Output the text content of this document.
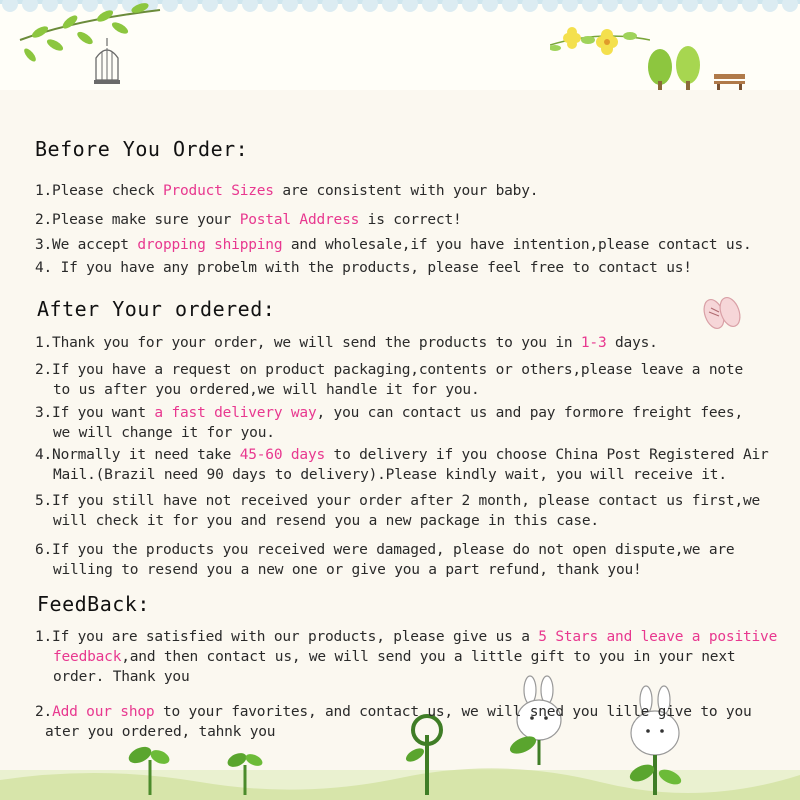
Before You Order:
1.Please check Product Sizes are consistent with your baby.
2.Please make sure your Postal Address is correct!
3.We accept dropping shipping and wholesale,if you have intention,please contact us.
4. If you have any probelm with the products, please feel free to contact us!
After Your ordered:
1.Thank you for your order, we will send the products to you in 1-3 days.
2.If you have a request on product packaging,contents or others,please leave a note
to us after you ordered,we will handle it for you.
3.If you want a fast delivery way, you can contact us and pay formore freight fees,
we will change it for you.
4.Normally it need take 45-60 days to delivery if you choose China Post Registered Air
Mail.(Brazil need 90 days to delivery).Please kindly wait, you will receive it.
5.If you still have not received your order after 2 month, please contact us first,we
will check it for you and resend you a new package in this case.
6.If you the products you received were damaged, please do not open dispute,we are
willing to resend you a new one or give you a part refund, thank you!
FeedBack:
1.If you are satisfied with our products, please give us a 5 Stars and leave a positive
feedback,and then contact us, we will send you a little gift to you in your next
order. Thank you
2.Add our shop to your favorites, and contact us, we will sned you lille give to you
ater you ordered, tahnk you
